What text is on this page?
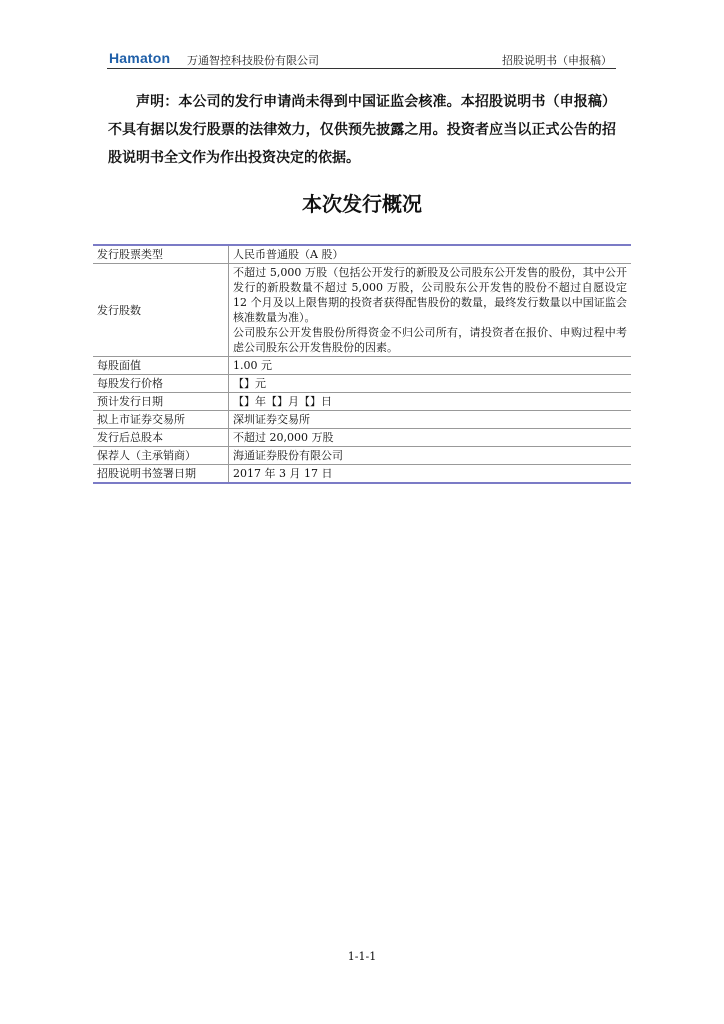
Hamaton 万通智控科技股份有限公司	招股说明书（申报稿）

声明：本公司的发行申请尚未得到中国证监会核准。本招股说明书（申报稿）不具有据以发行股票的法律效力，仅供预先披露之用。投资者应当以正式公告的招股说明书全文作为作出投资决定的依据。

本次发行概况
发行股票类型	人民币普通股（A 股）
发行股数	不超过 5,000 万股（包括公开发行的新股及公司股东公开发售的股份，其中公开发行的新股数量不超过 5,000 万股，公司股东公开发售的股份不超过自愿设定 12 个月及以上限售期的投资者获得配售股份的数量，最终发行数量以中国证监会核准数量为准）。
公司股东公开发售股份所得资金不归公司所有，请投资者在报价、申购过程中考虑公司股东公开发售股份的因素。

每股面值	1.00 元
每股发行价格	【】元
预计发行日期	【】年【】月【】日
拟上市证券交易所	深圳证券交易所
发行后总股本	不超过 20,000 万股
保荐人（主承销商）	海通证券股份有限公司
招股说明书签署日期	2017 年 3 月 17 日
1-1-1
